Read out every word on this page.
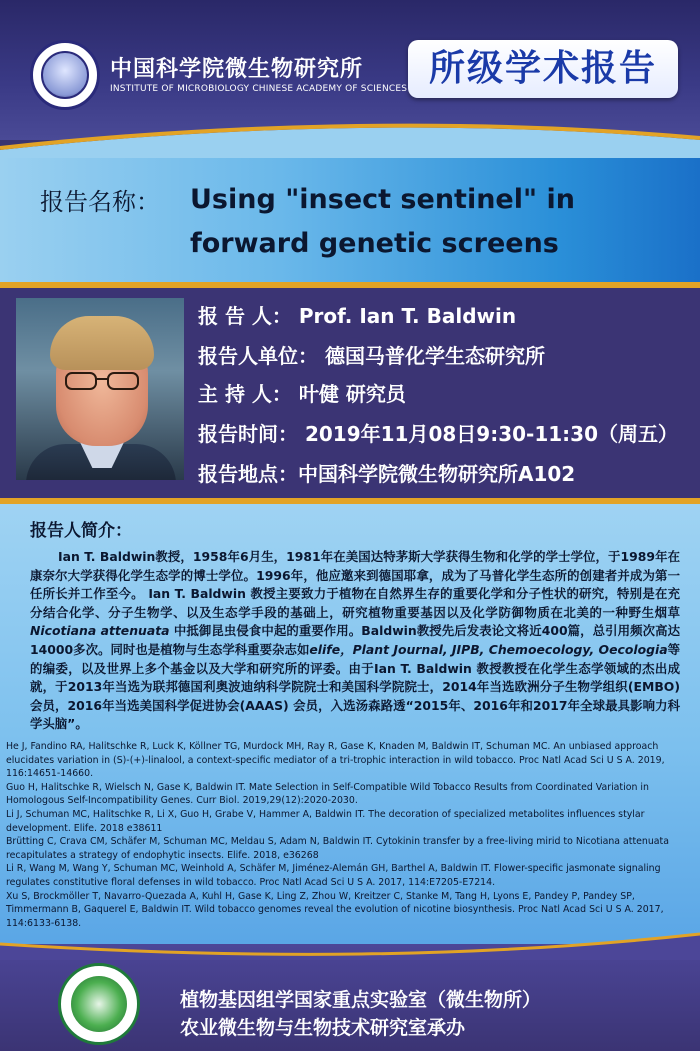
中国科学院微生物研究所
INSTITUTE OF MICROBIOLOGY CHINESE ACADEMY OF SCIENCES 所级学术报告
报告名称： Using "insect sentinel" in forward genetic screens
报 告 人： Prof. Ian T. Baldwin
报告人单位： 德国马普化学生态研究所
主 持 人： 叶健 研究员
报告时间： 2019年11月08日9:30-11:30（周五）
报告地点：中国科学院微生物研究所A102
报告人简介：
Ian T. Baldwin教授，1958年6月生，1981年在美国达特茅斯大学获得生物和化学的学士学位，于1989年在康奈尔大学获得化学生态学的博士学位。1996年，他应邀来到德国耶拿，成为了马普化学生态所的创建者并成为第一任所长并工作至今。 Ian T. Baldwin 教授主要致力于植物在自然界生存的重要化学和分子性状的研究，特别是在充分结合化学、分子生物学、以及生态学手段的基础上，研究植物重要基因以及化学防御物质在北美的一种野生烟草Nicotiana attenuata 中抵御昆虫侵食中起的重要作用。Baldwin教授先后发表论文将近400篇，总引用频次高达14000多次。同时也是植物与生态学科重要杂志如elife，Plant Journal, JIPB, Chemoecology, Oecologia等的编委，以及世界上多个基金以及大学和研究所的评委。由于Ian T. Baldwin 教授教授在化学生态学领域的杰出成就，于2013年当选为联邦德国利奥波迪纳科学院院士和美国科学院院士，2014年当选欧洲分子生物学组织(EMBO)会员，2016年当选美国科学促进协会(AAAS) 会员，入选汤森路透“2015年、2016年和2017年全球最具影响力科学头脑”。
He J, Fandino RA, Halitschke R, Luck K, Köllner TG, Murdock MH, Ray R, Gase K, Knaden M, Baldwin IT, Schuman MC. An unbiased approach elucidates variation in (S)-(+)-linalool, a context-specific mediator of a tri-trophic interaction in wild tobacco. Proc Natl Acad Sci U S A. 2019, 116:14651-14660.
Guo H, Halitschke R, Wielsch N, Gase K, Baldwin IT. Mate Selection in Self-Compatible Wild Tobacco Results from Coordinated Variation in Homologous Self-Incompatibility Genes. Curr Biol. 2019,29(12):2020-2030.
Li J, Schuman MC, Halitschke R, Li X, Guo H, Grabe V, Hammer A, Baldwin IT. The decoration of specialized metabolites influences stylar development. Elife. 2018 e38611
Brütting C, Crava CM, Schäfer M, Schuman MC, Meldau S, Adam N, Baldwin IT. Cytokinin transfer by a free-living mirid to Nicotiana attenuata recapitulates a strategy of endophytic insects. Elife. 2018, e36268
Li R, Wang M, Wang Y, Schuman MC, Weinhold A, Schäfer M, Jiménez-Alemán GH, Barthel A, Baldwin IT. Flower-specific jasmonate signaling regulates constitutive floral defenses in wild tobacco. Proc Natl Acad Sci U S A. 2017, 114:E7205-E7214.
Xu S, Brockmöller T, Navarro-Quezada A, Kuhl H, Gase K, Ling Z, Zhou W, Kreitzer C, Stanke M, Tang H, Lyons E, Pandey P, Pandey SP, Timmermann B, Gaquerel E, Baldwin IT. Wild tobacco genomes reveal the evolution of nicotine biosynthesis. Proc Natl Acad Sci U S A. 2017, 114:6133-6138.
植物基因组学国家重点实验室（微生物所）
农业微生物与生物技术研究室承办
